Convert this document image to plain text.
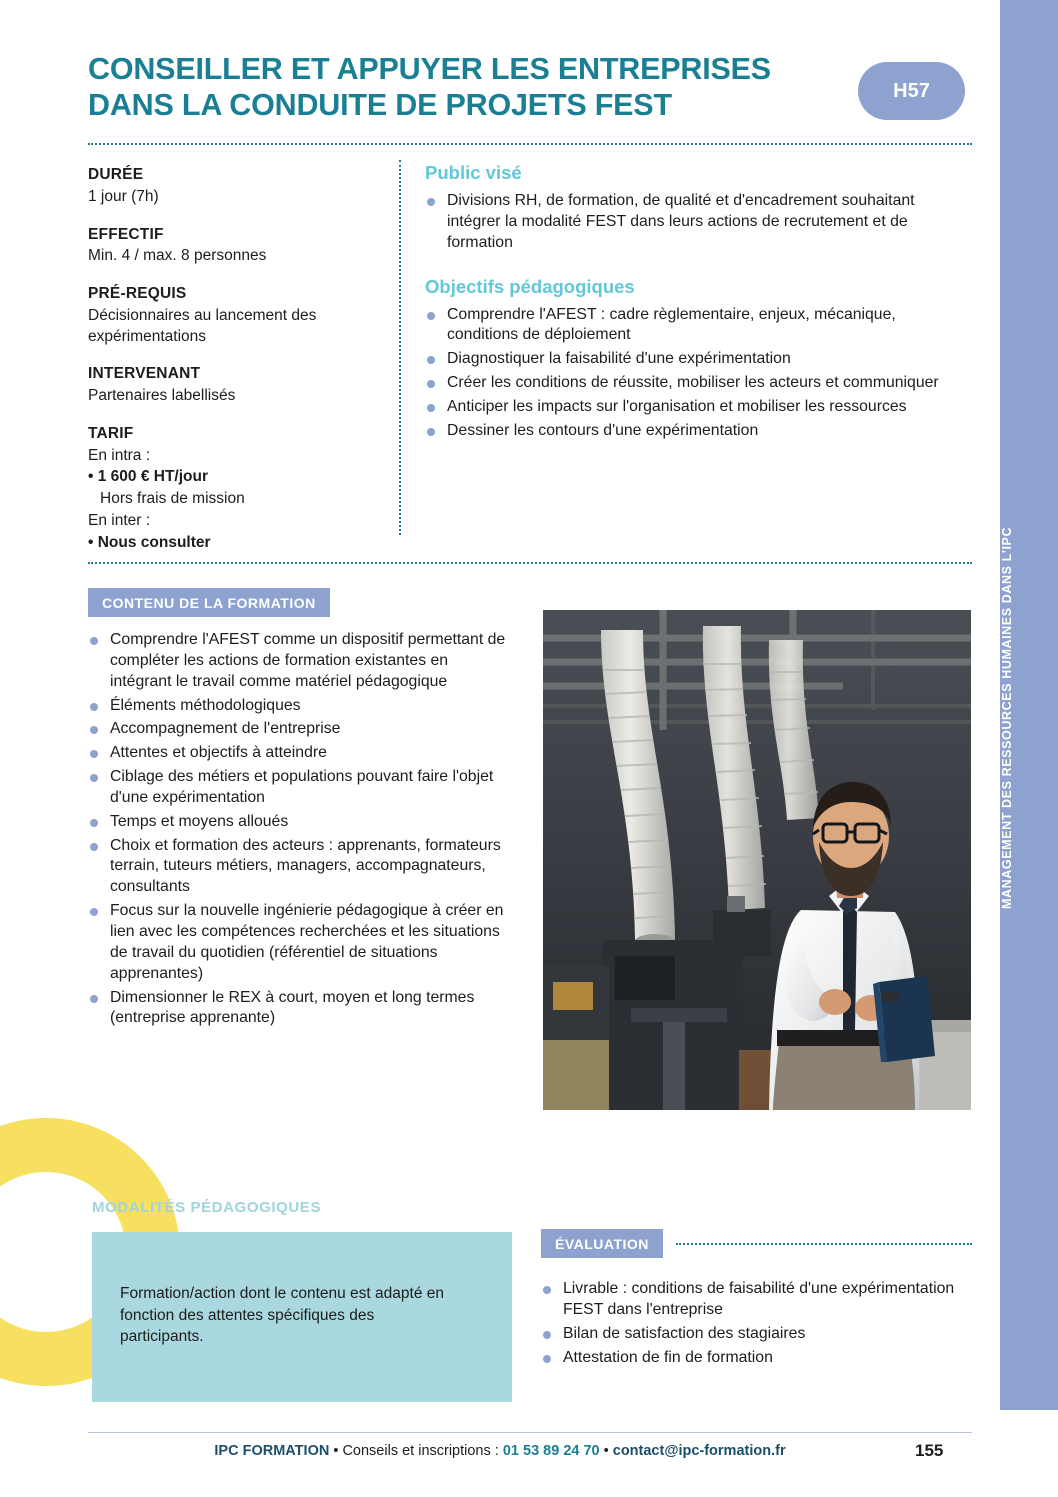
MANAGEMENT DES RESSOURCES HUMAINES DANS L'IPC
CONSEILLER ET APPUYER LES ENTREPRISES DANS LA CONDUITE DE PROJETS FEST	H57
DURÉE
1 jour (7h)
EFFECTIF
Min. 4 / max. 8 personnes
PRÉ-REQUIS
Décisionnaires au lancement des expérimentations
INTERVENANT
Partenaires labellisés
TARIF
En intra :
• 1 600 € HT/jour
Hors frais de mission
En inter :
• Nous consulter
Public visé
Divisions RH, de formation, de qualité et d'encadrement souhaitant intégrer la modalité FEST dans leurs actions de recrutement et de formation
Objectifs pédagogiques
Comprendre l'AFEST : cadre règlementaire, enjeux, mécanique, conditions de déploiement
Diagnostiquer la faisabilité d'une expérimentation
Créer les conditions de réussite, mobiliser les acteurs et communiquer
Anticiper les impacts sur l'organisation et mobiliser les ressources
Dessiner les contours d'une expérimentation
CONTENU DE LA FORMATION
Comprendre l'AFEST comme un dispositif permettant de compléter les actions de formation existantes en intégrant le travail comme matériel pédagogique
Éléments méthodologiques
Accompagnement de l'entreprise
Attentes et objectifs à atteindre
Ciblage des métiers et populations pouvant faire l'objet d'une expérimentation
Temps et moyens alloués
Choix et formation des acteurs : apprenants, formateurs terrain, tuteurs métiers, managers, accompagnateurs, consultants
Focus sur la nouvelle ingénierie pédagogique à créer en lien avec les compétences recherchées et les situations de travail du quotidien (référentiel de situations apprenantes)
Dimensionner le REX à court, moyen et long termes (entreprise apprenante)
MODALITÉS PÉDAGOGIQUES
Formation/action dont le contenu est adapté en fonction des attentes spécifiques des participants.
ÉVALUATION
Livrable : conditions de faisabilité d'une expérimentation FEST dans l'entreprise
Bilan de satisfaction des stagiaires
Attestation de fin de formation
IPC FORMATION • Conseils et inscriptions : 01 53 89 24 70 • contact@ipc-formation.fr	155
